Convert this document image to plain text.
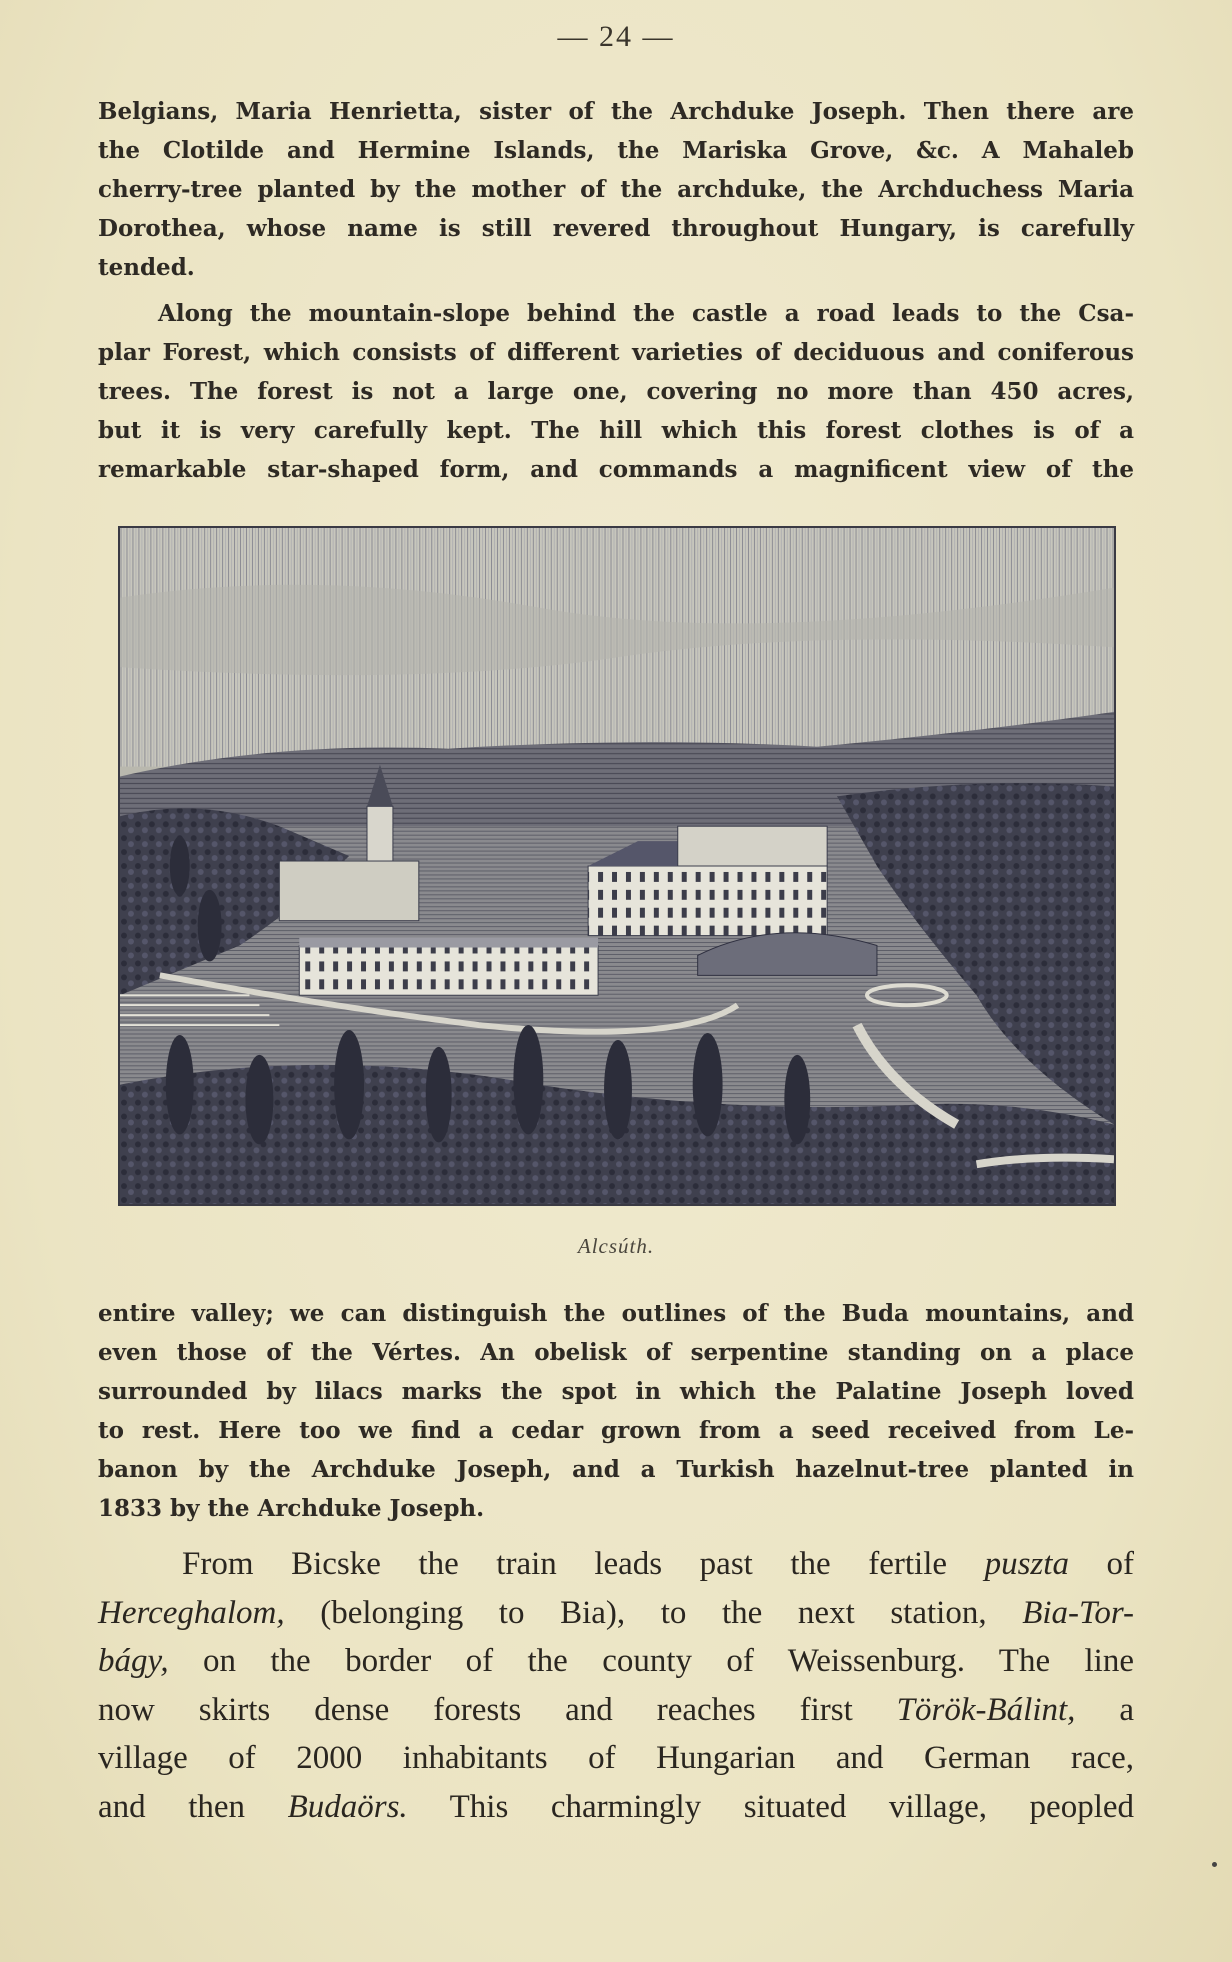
— 24 —
Belgians, Maria Henrietta, sister of the Archduke Joseph. Then there are
the Clotilde and Hermine Islands, the Mariska Grove, &c. A Mahaleb
cherry-tree planted by the mother of the archduke, the Archduchess Maria
Dorothea, whose name is still revered throughout Hungary, is carefully
tended.
Along the mountain-slope behind the castle a road leads to the Csa-
plar Forest, which consists of different varieties of deciduous and coniferous
trees. The forest is not a large one, covering no more than 450 acres,
but it is very carefully kept. The hill which this forest clothes is of a
remarkable star-shaped form, and commands a magnificent view of the
Alcsúth.
entire valley; we can distinguish the outlines of the Buda mountains, and
even those of the Vértes. An obelisk of serpentine standing on a place
surrounded by lilacs marks the spot in which the Palatine Joseph loved
to rest. Here too we find a cedar grown from a seed received from Le-
banon by the Archduke Joseph, and a Turkish hazelnut-tree planted in
1833 by the Archduke Joseph.
From Bicske the train leads past the fertile puszta of
Herceghalom, (belonging to Bia), to the next station, Bia-Tor-
bágy, on the border of the county of Weissenburg. The line
now skirts dense forests and reaches first Török-Bálint, a
village of 2000 inhabitants of Hungarian and German race,
and then Budaörs. This charmingly situated village, peopled
